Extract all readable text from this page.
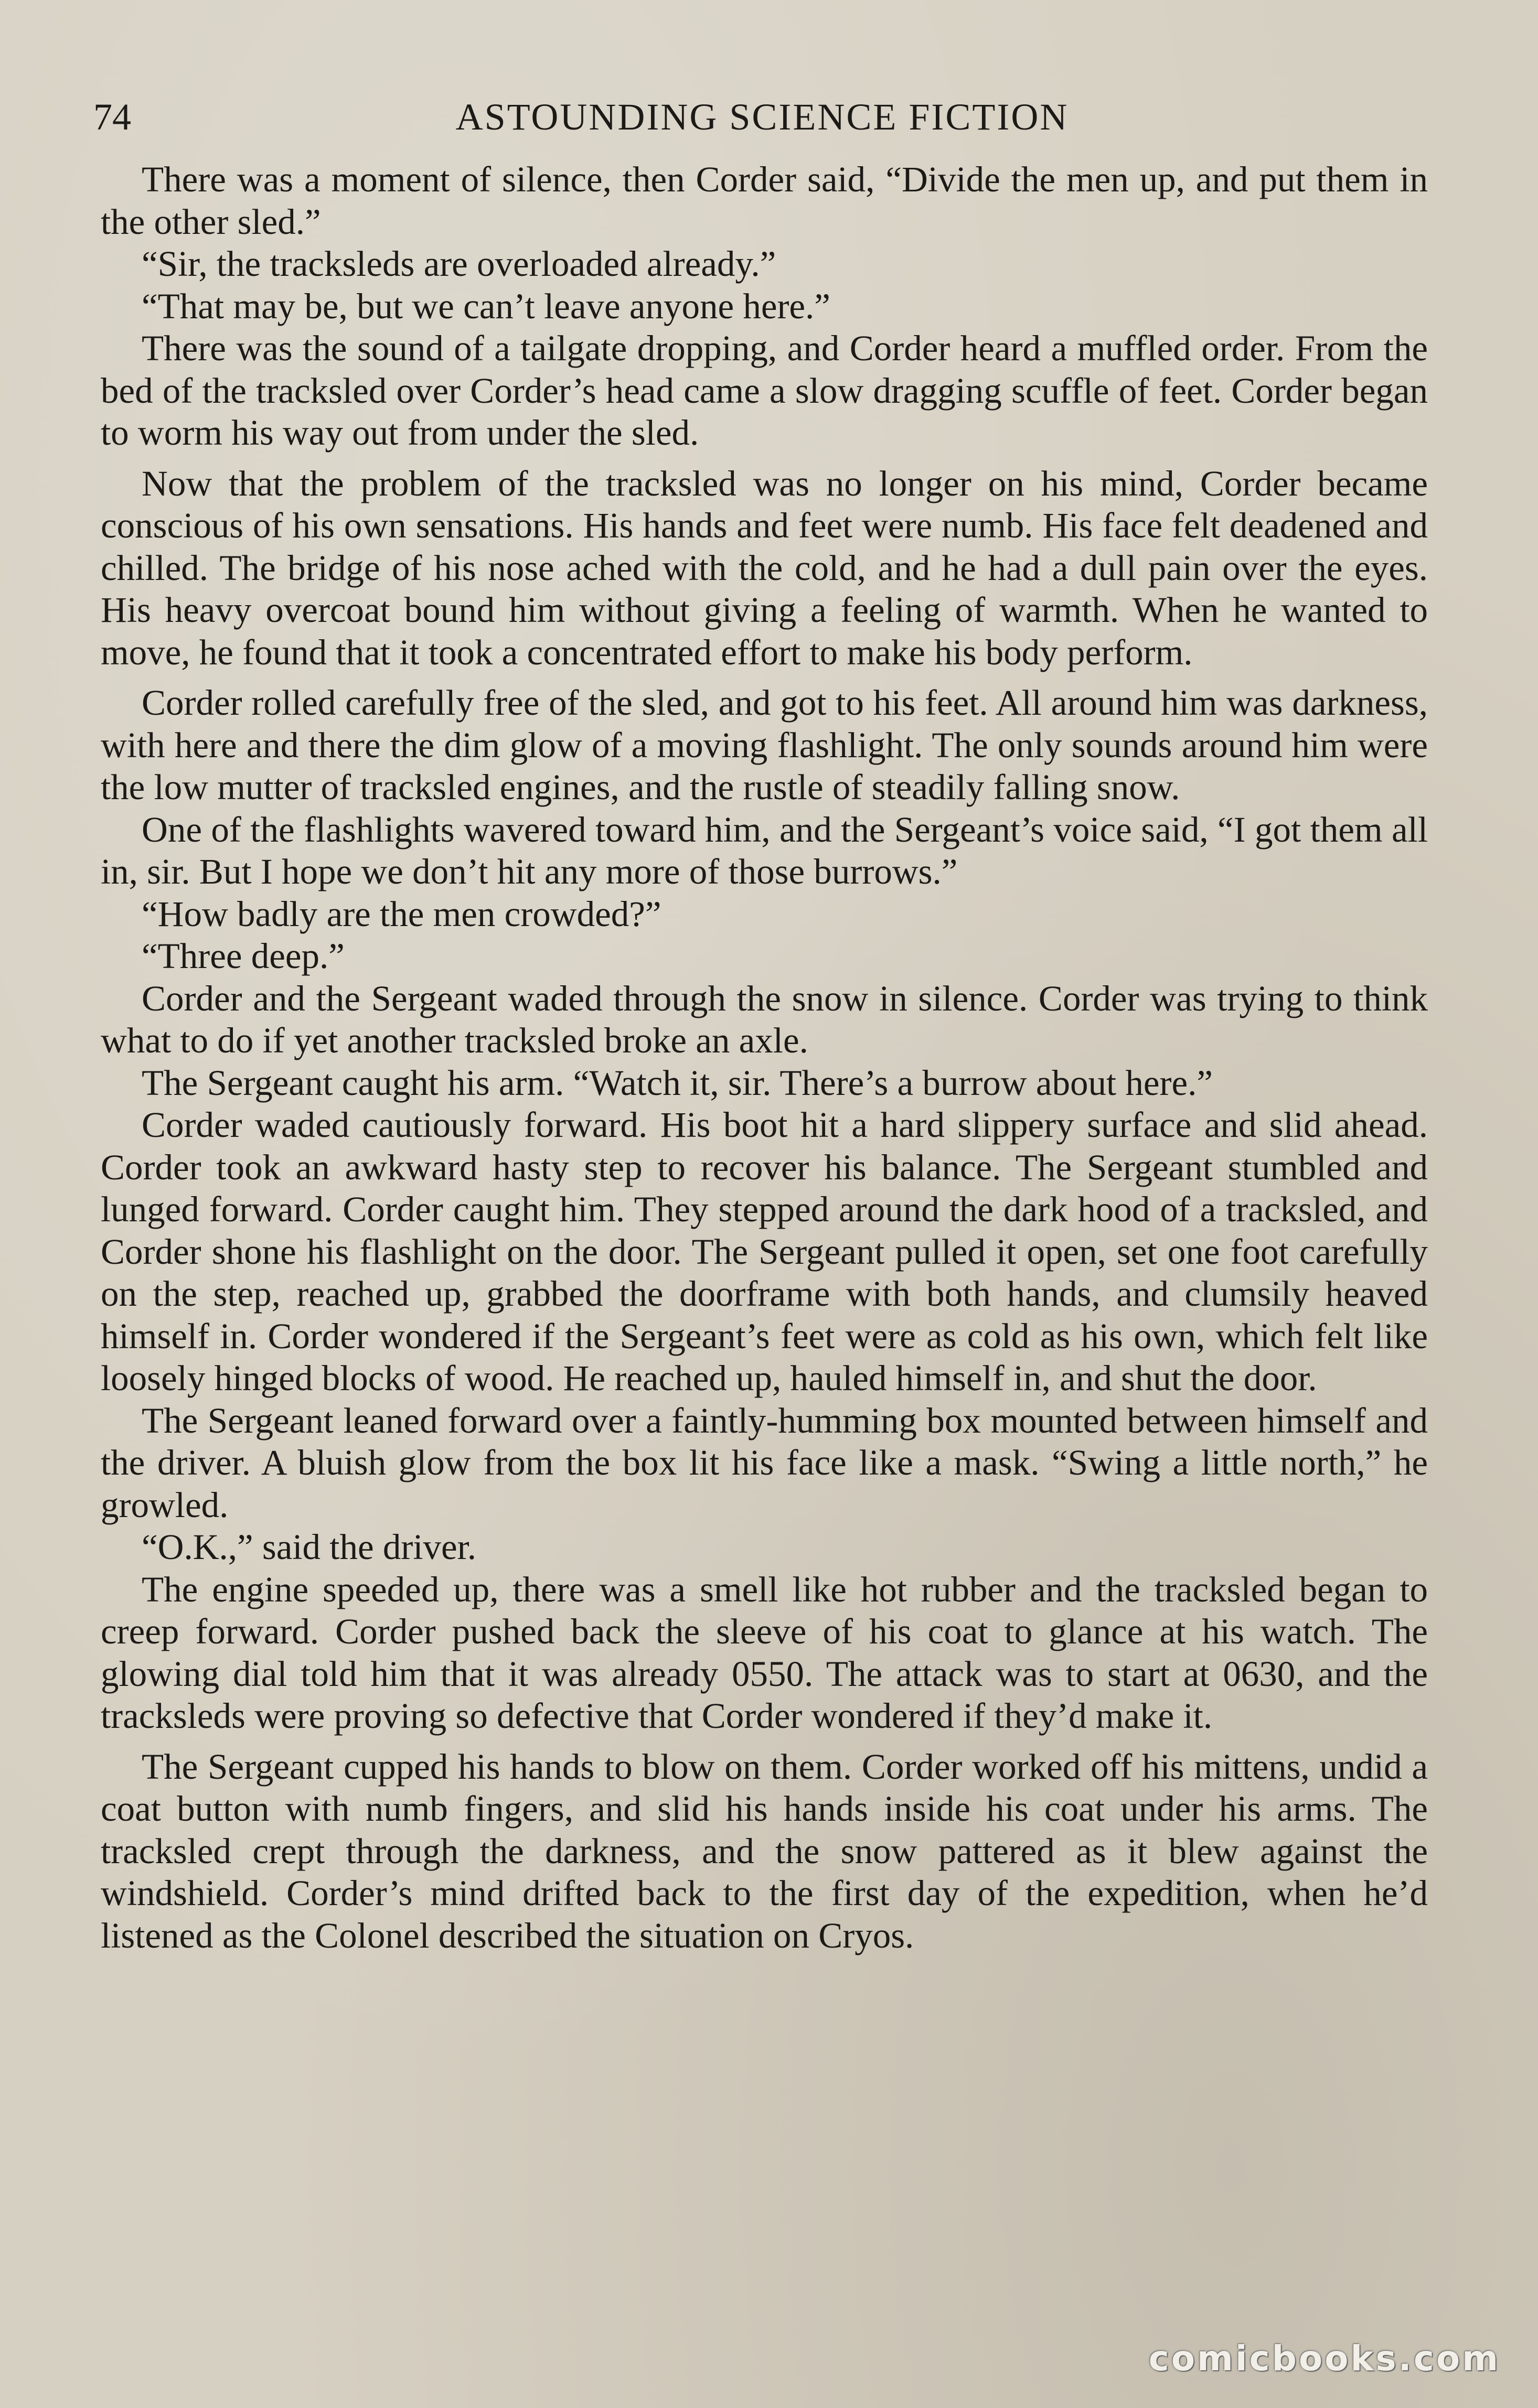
74	ASTOUNDING SCIENCE FICTION

There was a moment of silence, then Corder said, “Divide the men up, and put them in the other sled.”

“Sir, the tracksleds are overloaded already.”

“That may be, but we can’t leave anyone here.”

There was the sound of a tailgate dropping, and Corder heard a muffled order. From the bed of the tracksled over Corder’s head came a slow dragging scuffle of feet. Corder began to worm his way out from under the sled.

Now that the problem of the tracksled was no longer on his mind, Corder became conscious of his own sensations. His hands and feet were numb. His face felt deadened and chilled. The bridge of his nose ached with the cold, and he had a dull pain over the eyes. His heavy overcoat bound him without giving a feeling of warmth. When he wanted to move, he found that it took a concentrated effort to make his body perform.

Corder rolled carefully free of the sled, and got to his feet. All around him was darkness, with here and there the dim glow of a moving flashlight. The only sounds around him were the low mutter of tracksled engines, and the rustle of steadily falling snow.

One of the flashlights wavered toward him, and the Sergeant’s voice said, “I got them all in, sir. But I hope we don’t hit any more of those burrows.”

“How badly are the men crowded?”

“Three deep.”

Corder and the Sergeant waded through the snow in silence. Corder was trying to think what to do if yet another tracksled broke an axle.

The Sergeant caught his arm. “Watch it, sir. There’s a burrow about here.”

Corder waded cautiously forward. His boot hit a hard slippery surface and slid ahead. Corder took an awkward hasty step to recover his balance. The Sergeant stumbled and lunged forward. Corder caught him. They stepped around the dark hood of a tracksled, and Corder shone his flashlight on the door. The Sergeant pulled it open, set one foot carefully on the step, reached up, grabbed the doorframe with both hands, and clumsily heaved himself in. Corder wondered if the Sergeant’s feet were as cold as his own, which felt like loosely hinged blocks of wood. He reached up, hauled himself in, and shut the door.

The Sergeant leaned forward over a faintly-humming box mounted between himself and the driver. A bluish glow from the box lit his face like a mask. “Swing a little north,” he growled.

“O.K.,” said the driver.

The engine speeded up, there was a smell like hot rubber and the tracksled began to creep forward. Corder pushed back the sleeve of his coat to glance at his watch. The glowing dial told him that it was already 0550. The attack was to start at 0630, and the tracksleds were proving so defective that Corder wondered if they’d make it.

The Sergeant cupped his hands to blow on them. Corder worked off his mittens, undid a coat button with numb fingers, and slid his hands inside his coat under his arms. The tracksled crept through the darkness, and the snow pattered as it blew against the windshield. Corder’s mind drifted back to the first day of the expedition, when he’d listened as the Colonel described the situation on Cryos.

comicbooks.com
